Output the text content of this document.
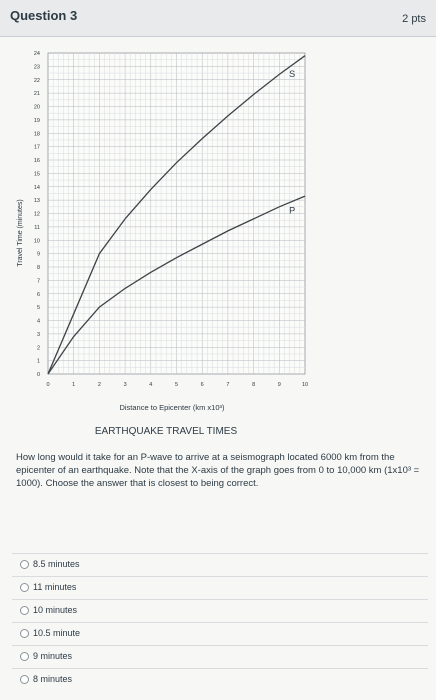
Question 3	2 pts
0
1
2
3
4
5
6
7
8
9
10
11
12
13
14
15
16
17
18
19
20
21
22
23
24
0	1	2	3	4	5	6	7	8	9	10
S
P
Travel Time (minutes)
Distance to Epicenter (km x10³)
EARTHQUAKE TRAVEL TIMES
How long would it take for an P-wave to arrive at a seismograph located 6000 km from the epicenter of an earthquake. Note that the X-axis of the graph goes from 0 to 10,000 km (1x10³ = 1000). Choose the answer that is closest to being correct.
8.5 minutes
11 minutes
10 minutes
10.5 minute
9 minutes
8 minutes
